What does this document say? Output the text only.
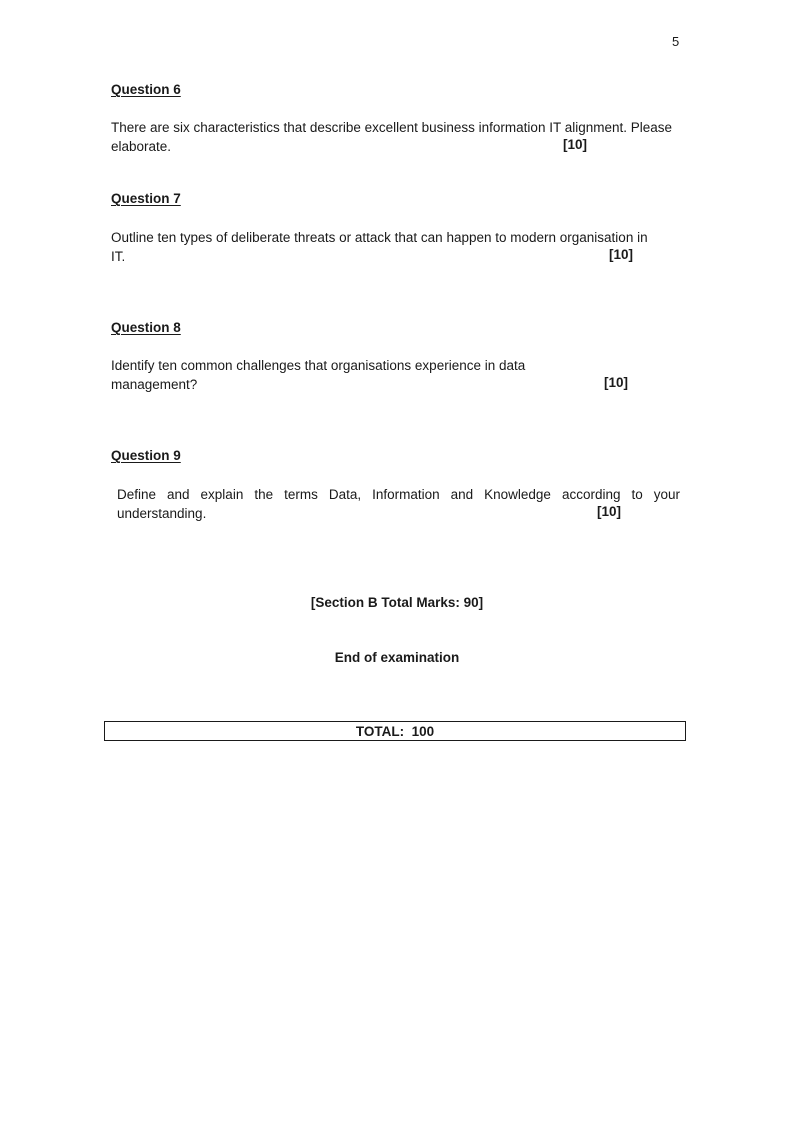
5
Question 6
There are six characteristics that describe excellent business information IT alignment. Please
elaborate.	[10]
Question 7
Outline ten types of deliberate threats or attack that can happen to modern organisation in
IT.	[10]
Question 8
Identify ten common challenges that organisations experience in data
management?	[10]
Question 9
Define and explain the terms Data, Information and Knowledge according to your
understanding.	[10]
[Section B Total Marks: 90]
End of examination
TOTAL:  100
